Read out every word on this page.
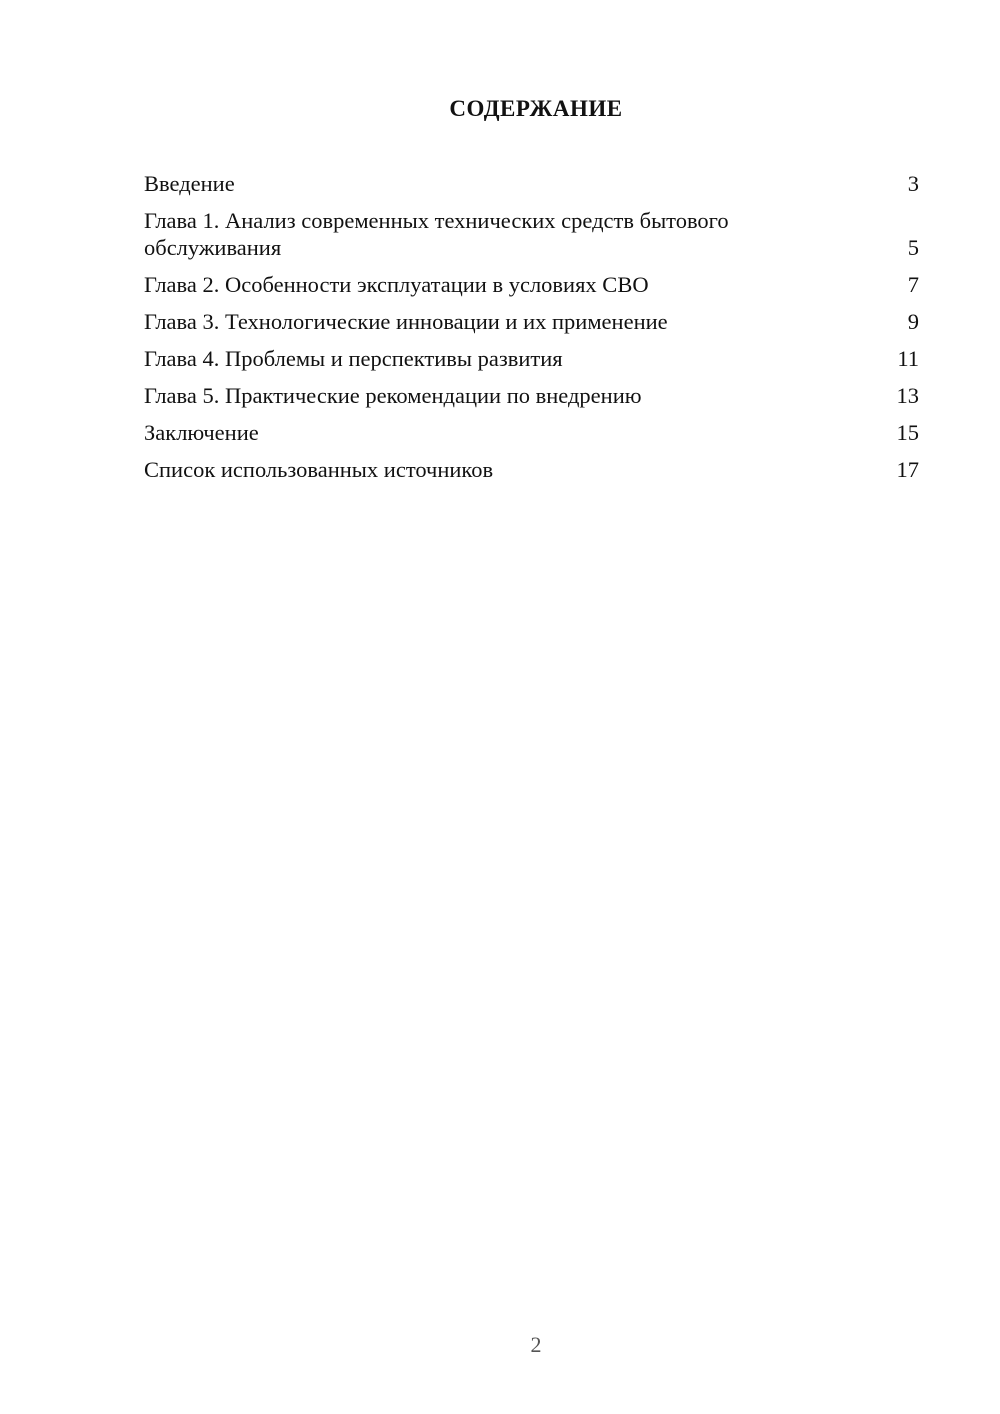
СОДЕРЖАНИЕ
Введение	3
Глава 1. Анализ современных технических средств бытового обслуживания	5
Глава 2. Особенности эксплуатации в условиях СВО	7
Глава 3. Технологические инновации и их применение	9
Глава 4. Проблемы и перспективы развития	11
Глава 5. Практические рекомендации по внедрению	13
Заключение	15
Список использованных источников	17
2
